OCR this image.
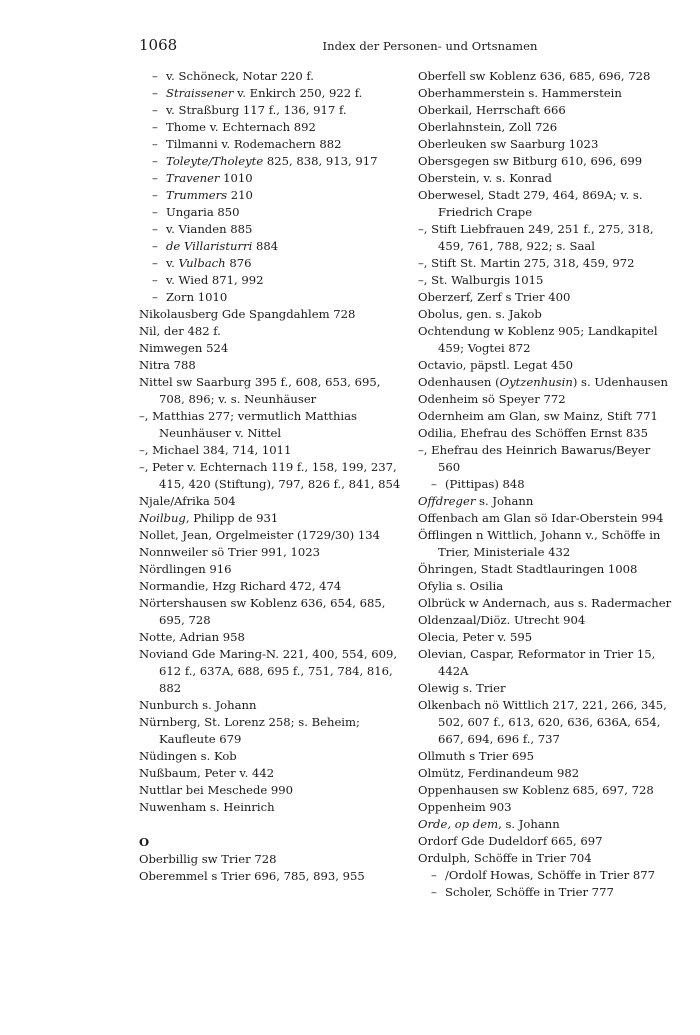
1068	Index der Personen- und Ortsnamen
– v. Schöneck, Notar 220 f.
– Straissener v. Enkirch 250, 922 f.
– v. Straßburg 117 f., 136, 917 f.
– Thome v. Echternach 892
– Tilmanni v. Rodemachern 882
– Toleyte/Tholeyte 825, 838, 913, 917
– Travener 1010
– Trummers 210
– Ungaria 850
– v. Vianden 885
– de Villaristurri 884
– v. Vulbach 876
– v. Wied 871, 992
– Zorn 1010
Nikolausberg Gde Spangdahlem 728
Nil, der 482 f.
Nimwegen 524
Nitra 788
Nittel sw Saarburg 395 f., 608, 653, 695, 708, 896; v. s. Neunhäuser
–, Matthias 277; vermutlich Matthias Neunhäuser v. Nittel
–, Michael 384, 714, 1011
–, Peter v. Echternach 119 f., 158, 199, 237, 415, 420 (Stiftung), 797, 826 f., 841, 854
Njale/Afrika 504
Noilbug, Philipp de 931
Nollet, Jean, Orgelmeister (1729/30) 134
Nonnweiler sö Trier 991, 1023
Nördlingen 916
Normandie, Hzg Richard 472, 474
Nörtershausen sw Koblenz 636, 654, 685, 695, 728
Notte, Adrian 958
Noviand Gde Maring-N. 221, 400, 554, 609, 612 f., 637A, 688, 695 f., 751, 784, 816, 882
Nunburch s. Johann
Nürnberg, St. Lorenz 258; s. Beheim; Kaufleute 679
Nüdingen s. Kob
Nußbaum, Peter v. 442
Nuttlar bei Meschede 990
Nuwenham s. Heinrich
O
Oberbillig sw Trier 728
Oberemmel s Trier 696, 785, 893, 955
Oberfell sw Koblenz 636, 685, 696, 728
Oberhammerstein s. Hammerstein
Oberkail, Herrschaft 666
Oberlahnstein, Zoll 726
Oberleuken sw Saarburg 1023
Obersgegen sw Bitburg 610, 696, 699
Oberstein, v. s. Konrad
Oberwesel, Stadt 279, 464, 869A; v. s. Friedrich Crape
–, Stift Liebfrauen 249, 251 f., 275, 318, 459, 761, 788, 922; s. Saal
–, Stift St. Martin 275, 318, 459, 972
–, St. Walburgis 1015
Oberzerf, Zerf s Trier 400
Obolus, gen. s. Jakob
Ochtendung w Koblenz 905; Landkapitel 459; Vogtei 872
Octavio, päpstl. Legat 450
Odenhausen (Oytzenhusin) s. Udenhausen
Odenheim sö Speyer 772
Odernheim am Glan, sw Mainz, Stift 771
Odilia, Ehefrau des Schöffen Ernst 835
–, Ehefrau des Heinrich Bawarus/Beyer 560
– (Pittipas) 848
Offdreger s. Johann
Offenbach am Glan sö Idar-Oberstein 994
Öfflingen n Wittlich, Johann v., Schöffe in Trier, Ministeriale 432
Öhringen, Stadt Stadtlauringen 1008
Ofylia s. Osilia
Olbrück w Andernach, aus s. Radermacher
Oldenzaal/Diöz. Utrecht 904
Olecia, Peter v. 595
Olevian, Caspar, Reformator in Trier 15, 442A
Olewig s. Trier
Olkenbach nö Wittlich 217, 221, 266, 345, 502, 607 f., 613, 620, 636, 636A, 654, 667, 694, 696 f., 737
Ollmuth s Trier 695
Olmütz, Ferdinandeum 982
Oppenhausen sw Koblenz 685, 697, 728
Oppenheim 903
Orde, op dem, s. Johann
Ordorf Gde Dudeldorf 665, 697
Ordulph, Schöffe in Trier 704
– /Ordolf Howas, Schöffe in Trier 877
– Scholer, Schöffe in Trier 777
